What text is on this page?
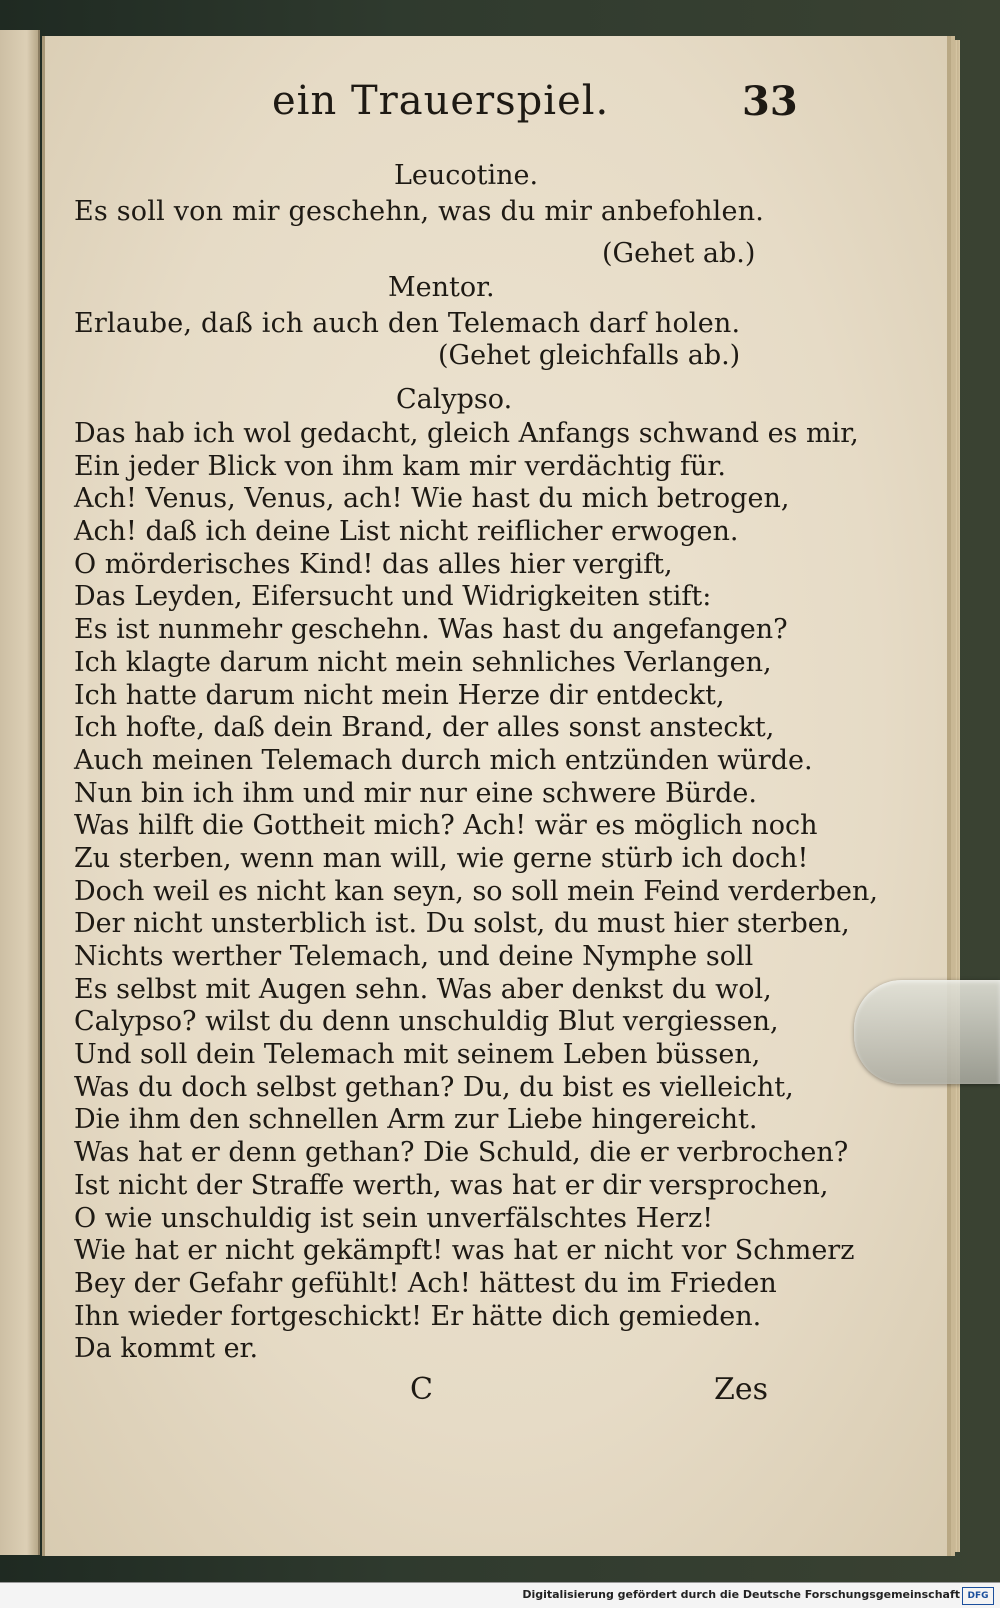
ein Trauerspiel.	33
Leucotine.
Es soll von mir geschehn, was du mir anbefohlen.
(Gehet ab.)
Mentor.
Erlaube, daß ich auch den Telemach darf holen.
(Gehet gleichfalls ab.)
Calypso.
Das hab ich wol gedacht, gleich Anfangs schwand es mir,
Ein jeder Blick von ihm kam mir verdächtig für.
Ach! Venus, Venus, ach! Wie hast du mich betrogen,
Ach! daß ich deine List nicht reiflicher erwogen.
O mörderisches Kind! das alles hier vergift,
Das Leyden, Eifersucht und Widrigkeiten stift:
Es ist nunmehr geschehn. Was hast du angefangen?
Ich klagte darum nicht mein sehnliches Verlangen,
Ich hatte darum nicht mein Herze dir entdeckt,
Ich hofte, daß dein Brand, der alles sonst ansteckt,
Auch meinen Telemach durch mich entzünden würde.
Nun bin ich ihm und mir nur eine schwere Bürde.
Was hilft die Gottheit mich? Ach! wär es möglich noch
Zu sterben, wenn man will, wie gerne stürb ich doch!
Doch weil es nicht kan seyn, so soll mein Feind verderben,
Der nicht unsterblich ist. Du solst, du must hier sterben,
Nichts werther Telemach, und deine Nymphe soll
Es selbst mit Augen sehn. Was aber denkst du wol,
Calypso? wilst du denn unschuldig Blut vergiessen,
Und soll dein Telemach mit seinem Leben büssen,
Was du doch selbst gethan? Du, du bist es vielleicht,
Die ihm den schnellen Arm zur Liebe hingereicht.
Was hat er denn gethan? Die Schuld, die er verbrochen?
Ist nicht der Straffe werth, was hat er dir versprochen,
O wie unschuldig ist sein unverfälschtes Herz!
Wie hat er nicht gekämpft! was hat er nicht vor Schmerz
Bey der Gefahr gefühlt! Ach! hättest du im Frieden
Ihn wieder fortgeschickt! Er hätte dich gemieden.
Da kommt er.
C	Zes
Digitalisierung gefördert durch die Deutsche Forschungsgemeinschaft DFG
